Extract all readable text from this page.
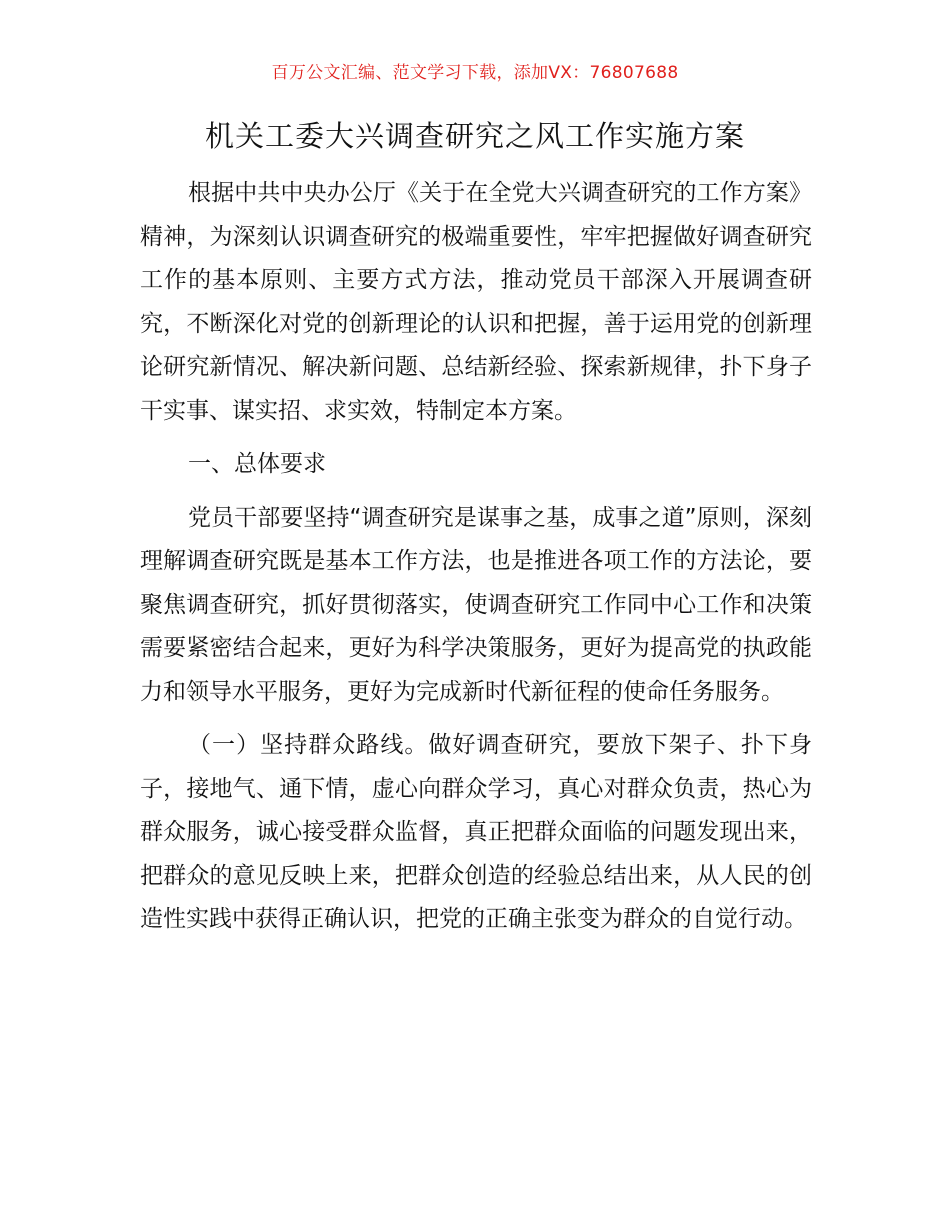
百万公文汇编、范文学习下载，添加VX：76807688

机关工委大兴调查研究之风工作实施方案

根据中共中央办公厅《关于在全党大兴调查研究的工作方案》精神，为深刻认识调查研究的极端重要性，牢牢把握做好调查研究工作的基本原则、主要方式方法，推动党员干部深入开展调查研究，不断深化对党的创新理论的认识和把握，善于运用党的创新理论研究新情况、解决新问题、总结新经验、探索新规律，扑下身子干实事、谋实招、求实效，特制定本方案。

一、总体要求

党员干部要坚持“调查研究是谋事之基，成事之道”原则，深刻理解调查研究既是基本工作方法，也是推进各项工作的方法论，要聚焦调查研究，抓好贯彻落实，使调查研究工作同中心工作和决策需要紧密结合起来，更好为科学决策服务，更好为提高党的执政能力和领导水平服务，更好为完成新时代新征程的使命任务服务。

（一）坚持群众路线。做好调查研究，要放下架子、扑下身子，接地气、通下情，虚心向群众学习，真心对群众负责，热心为群众服务，诚心接受群众监督，真正把群众面临的问题发现出来，把群众的意见反映上来，把群众创造的经验总结出来，从人民的创造性实践中获得正确认识，把党的正确主张变为群众的自觉行动。
